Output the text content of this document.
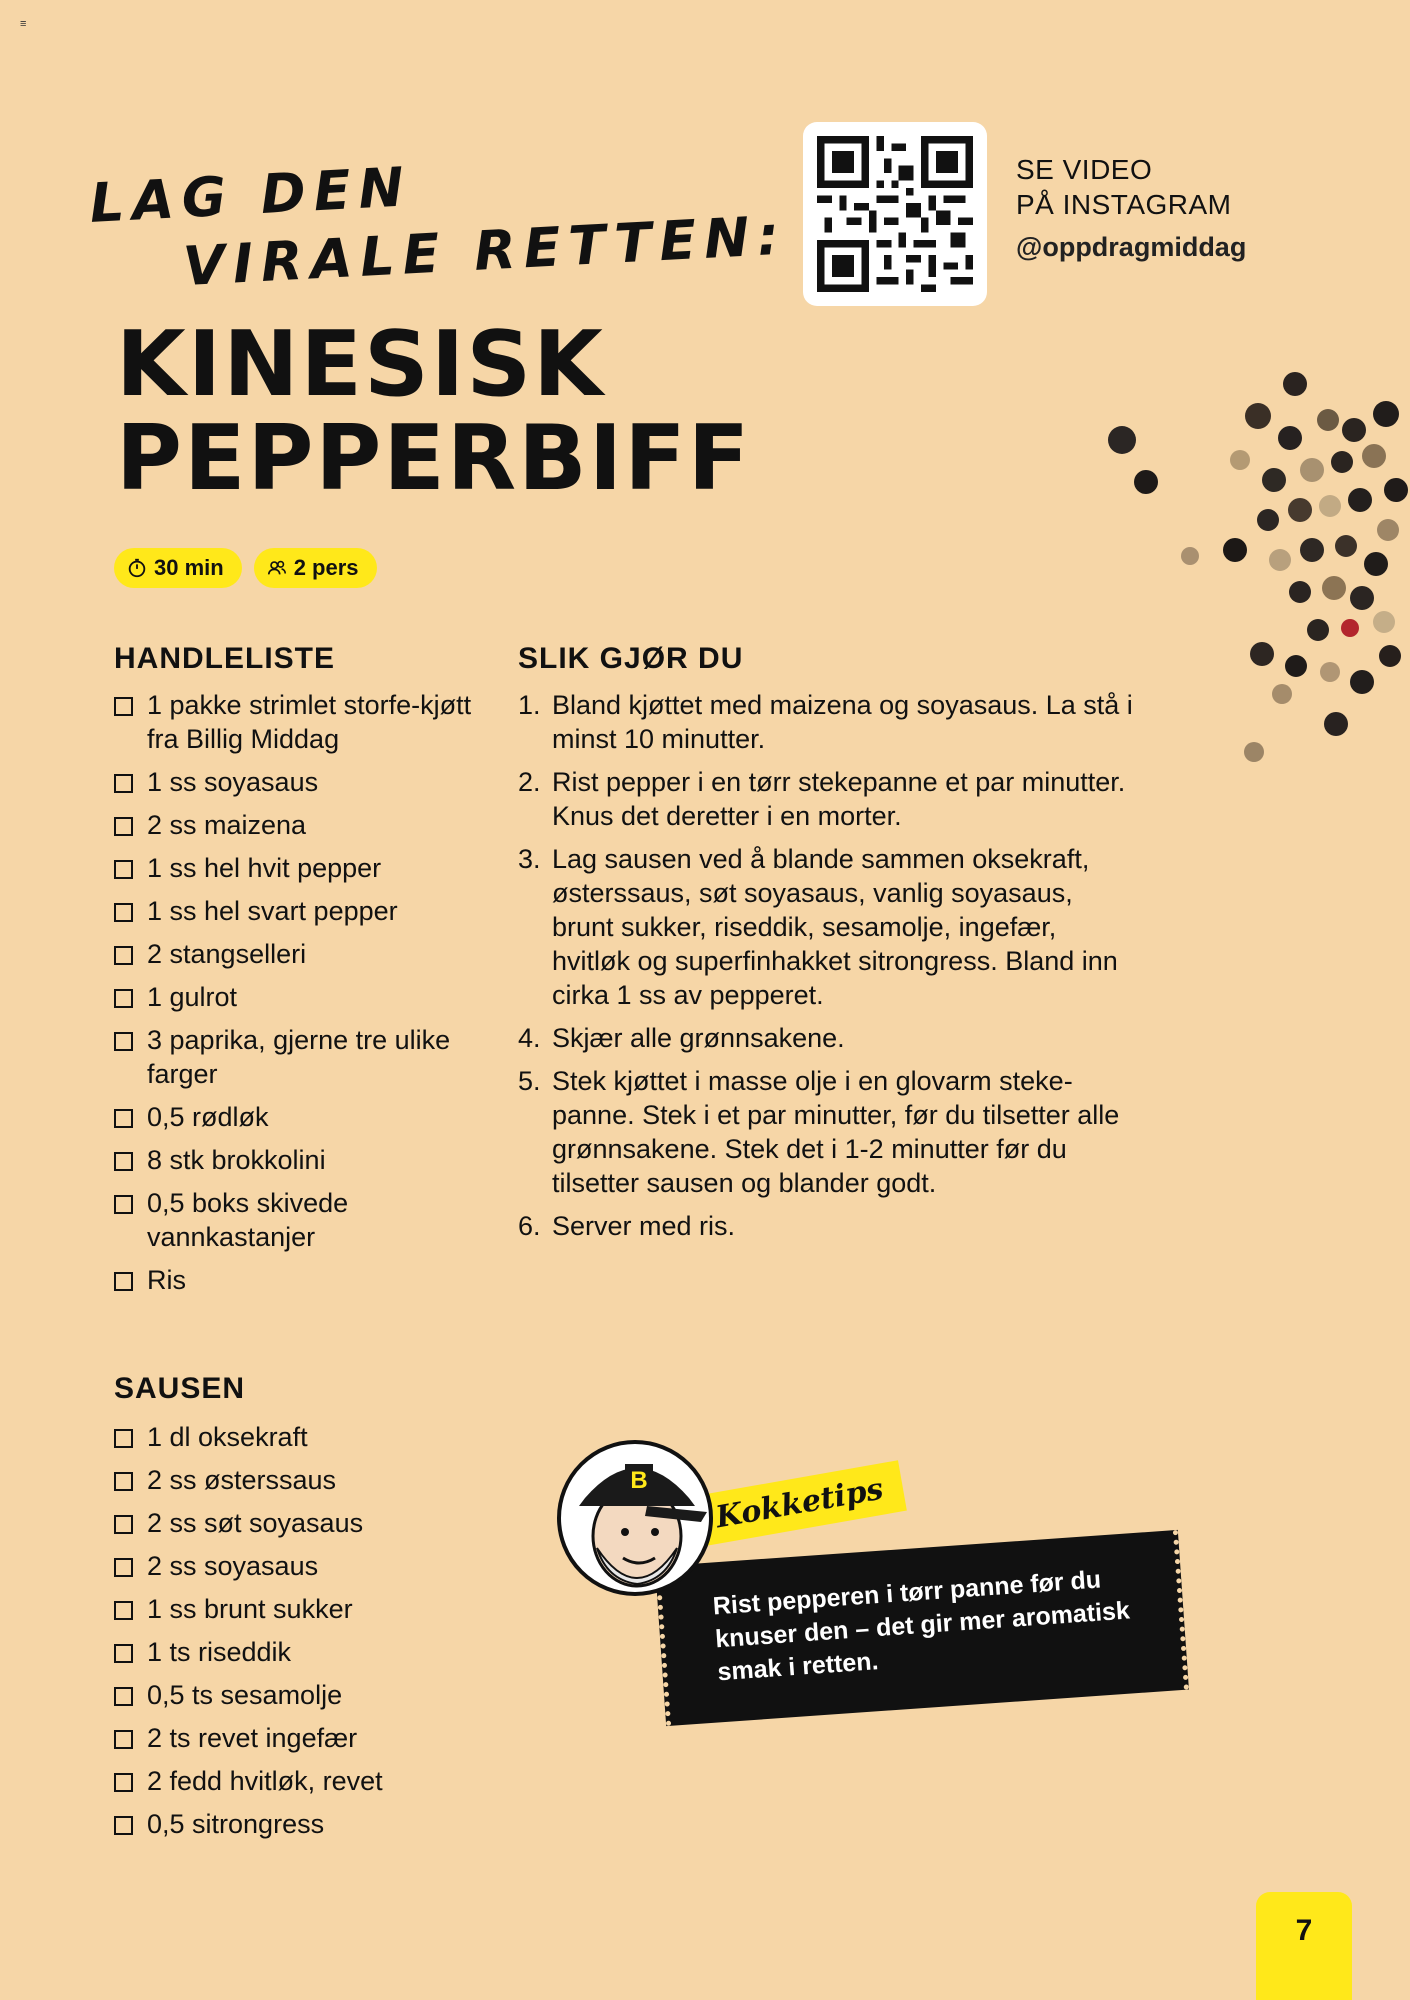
≡
LAG DEN
VIRALE RETTEN:
KINESISK
PEPPERBIFF
SE VIDEO
PÅ INSTAGRAM
@oppdragmiddag
30 min	2 pers
HANDLELISTE
1 pakke strimlet storfe-kjøtt fra Billig Middag
1 ss soyasaus
2 ss maizena
1 ss hel hvit pepper
1 ss hel svart pepper
2 stangselleri
1 gulrot
3 paprika, gjerne tre ulike farger
0,5 rødløk
8 stk brokkolini
0,5 boks skivede vannkastanjer
Ris
SAUSEN
1 dl oksekraft
2 ss østerssaus
2 ss søt soyasaus
2 ss soyasaus
1 ss brunt sukker
1 ts riseddik
0,5 ts sesamolje
2 ts revet ingefær
2 fedd hvitløk, revet
0,5 sitrongress
SLIK GJØR DU
1. Bland kjøttet med maizena og soyasaus. La stå i minst 10 minutter.
2. Rist pepper i en tørr stekepanne et par minutter. Knus det deretter i en morter.
3. Lag sausen ved å blande sammen oksekraft, østerssaus, søt soyasaus, vanlig soyasaus, brunt sukker, riseddik, sesamolje, ingefær, hvitløk og superfinhakket sitrongress. Bland inn cirka 1 ss av pepperet.
4. Skjær alle grønnsakene.
5. Stek kjøttet i masse olje i en glovarm steke-panne. Stek i et par minutter, før du tilsetter alle grønnsakene. Stek det i 1-2 minutter før du tilsetter sausen og blander godt.
6. Server med ris.
Rist pepperen i tørr panne før du knuser den – det gir mer aromatisk smak i retten.
Kokketips
B
7
